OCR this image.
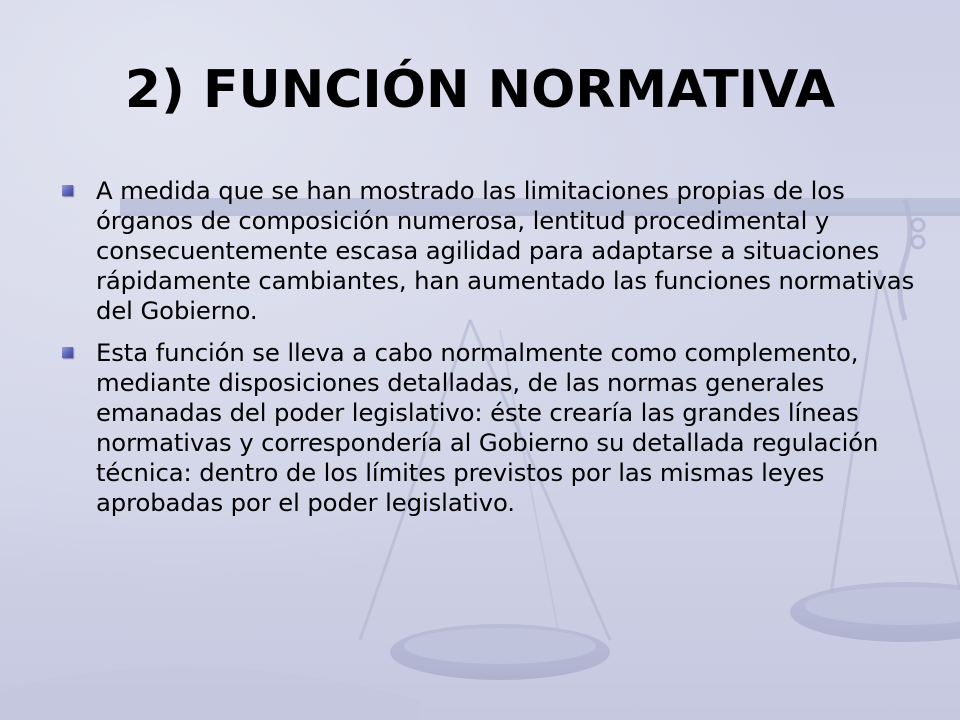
2) FUNCIÓN NORMATIVA
A medida que se han mostrado las limitaciones propias de los órganos de composición numerosa, lentitud procedimental y consecuentemente escasa agilidad para adaptarse a situaciones rápidamente cambiantes, han aumentado las funciones normativas del Gobierno.
Esta función se lleva a cabo normalmente como complemento, mediante disposiciones detalladas, de las normas generales emanadas del poder legislativo: éste crearía las grandes líneas normativas y correspondería al Gobierno su detallada regulación técnica: dentro de los límites previstos por las mismas leyes aprobadas por el poder legislativo.
